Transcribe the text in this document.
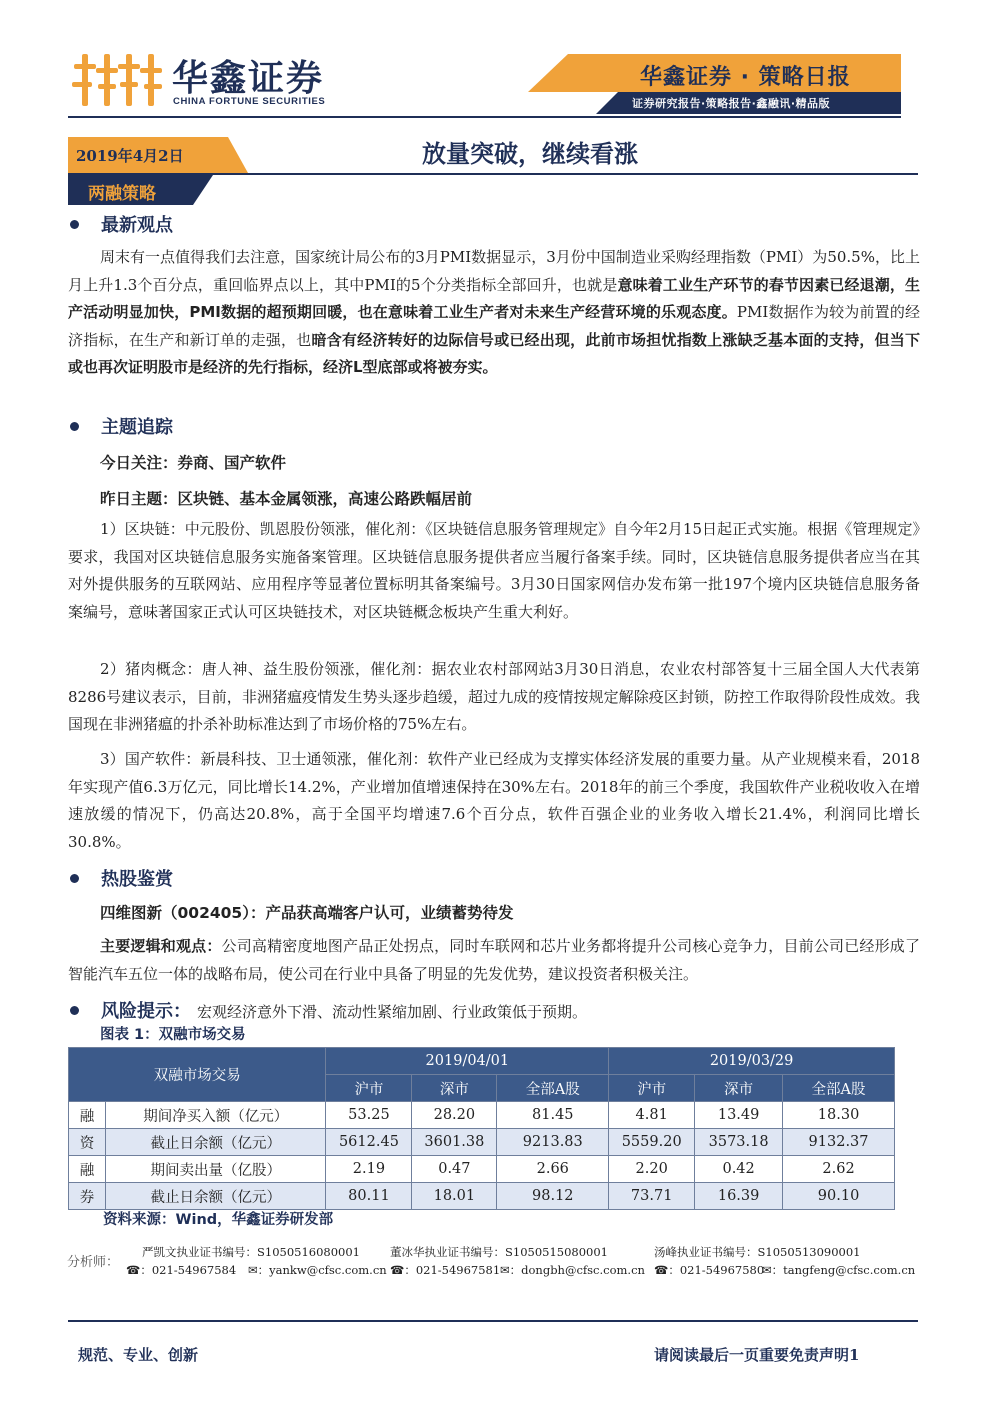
华鑫证券
CHINA FORTUNE SECURITIES
华鑫证券 · 策略日报
证券研究报告·策略报告·鑫融讯·精品版
2019年4月2日	放量突破，继续看涨
两融策略
最新观点
周末有一点值得我们去注意，国家统计局公布的3月PMI数据显示，3月份中国制造业采购经理指数（PMI）为50.5%，比上月上升1.3个百分点，重回临界点以上，其中PMI的5个分类指标全部回升，也就是意味着工业生产环节的春节因素已经退潮，生产活动明显加快，PMI数据的超预期回暖，也在意味着工业生产者对未来生产经营环境的乐观态度。PMI数据作为较为前置的经济指标，在生产和新订单的走强，也暗含有经济转好的边际信号或已经出现，此前市场担忧指数上涨缺乏基本面的支持，但当下或也再次证明股市是经济的先行指标，经济L型底部或将被夯实。
主题追踪
今日关注：券商、国产软件
昨日主题：区块链、基本金属领涨，高速公路跌幅居前
1）区块链：中元股份、凯恩股份领涨，催化剂：《区块链信息服务管理规定》自今年2月15日起正式实施。根据《管理规定》要求，我国对区块链信息服务实施备案管理。区块链信息服务提供者应当履行备案手续。同时，区块链信息服务提供者应当在其对外提供服务的互联网站、应用程序等显著位置标明其备案编号。3月30日国家网信办发布第一批197个境内区块链信息服务备案编号，意味著国家正式认可区块链技术，对区块链概念板块产生重大利好。
2）猪肉概念：唐人神、益生股份领涨，催化剂：据农业农村部网站3月30日消息，农业农村部答复十三届全国人大代表第8286号建议表示，目前，非洲猪瘟疫情发生势头逐步趋缓，超过九成的疫情按规定解除疫区封锁，防控工作取得阶段性成效。我国现在非洲猪瘟的扑杀补助标准达到了市场价格的75%左右。
3）国产软件：新晨科技、卫士通领涨，催化剂：软件产业已经成为支撑实体经济发展的重要力量。从产业规模来看，2018年实现产值6.3万亿元，同比增长14.2%，产业增加值增速保持在30%左右。2018年的前三个季度，我国软件产业税收收入在增速放缓的情况下，仍高达20.8%，高于全国平均增速7.6个百分点，软件百强企业的业务收入增长21.4%，利润同比增长30.8%。
热股鉴赏
四维图新（002405）：产品获高端客户认可，业绩蓄势待发
主要逻辑和观点：公司高精密度地图产品正处拐点，同时车联网和芯片业务都将提升公司核心竞争力，目前公司已经形成了智能汽车五位一体的战略布局，使公司在行业中具备了明显的先发优势，建议投资者积极关注。
风险提示： 宏观经济意外下滑、流动性紧缩加剧、行业政策低于预期。
图表 1：双融市场交易
双融市场交易		2019/04/01			2019/03/29		
		沪市	深市	全部A股	沪市	深市	全部A股
融	期间净买入额（亿元）	53.25	28.20	81.45	4.81	13.49	18.30
资	截止日余额（亿元）	5612.45	3601.38	9213.83	5559.20	3573.18	9132.37
融	期间卖出量（亿股）	2.19	0.47	2.66	2.20	0.42	2.62
券	截止日余额（亿元）	80.11	18.01	98.12	73.71	16.39	90.10
资料来源：Wind，华鑫证券研发部
分析师：
严凯文执业证书编号：S1050516080001
☎：021-54967584 ✉：yankw@cfsc.com.cn
董冰华执业证书编号：S1050515080001
☎：021-54967581 ✉：dongbh@cfsc.com.cn
汤峰执业证书编号：S1050513090001
☎：021-54967580
✉：tangfeng@cfsc.com.cn
规范、专业、创新	请阅读最后一页重要免责声明1
